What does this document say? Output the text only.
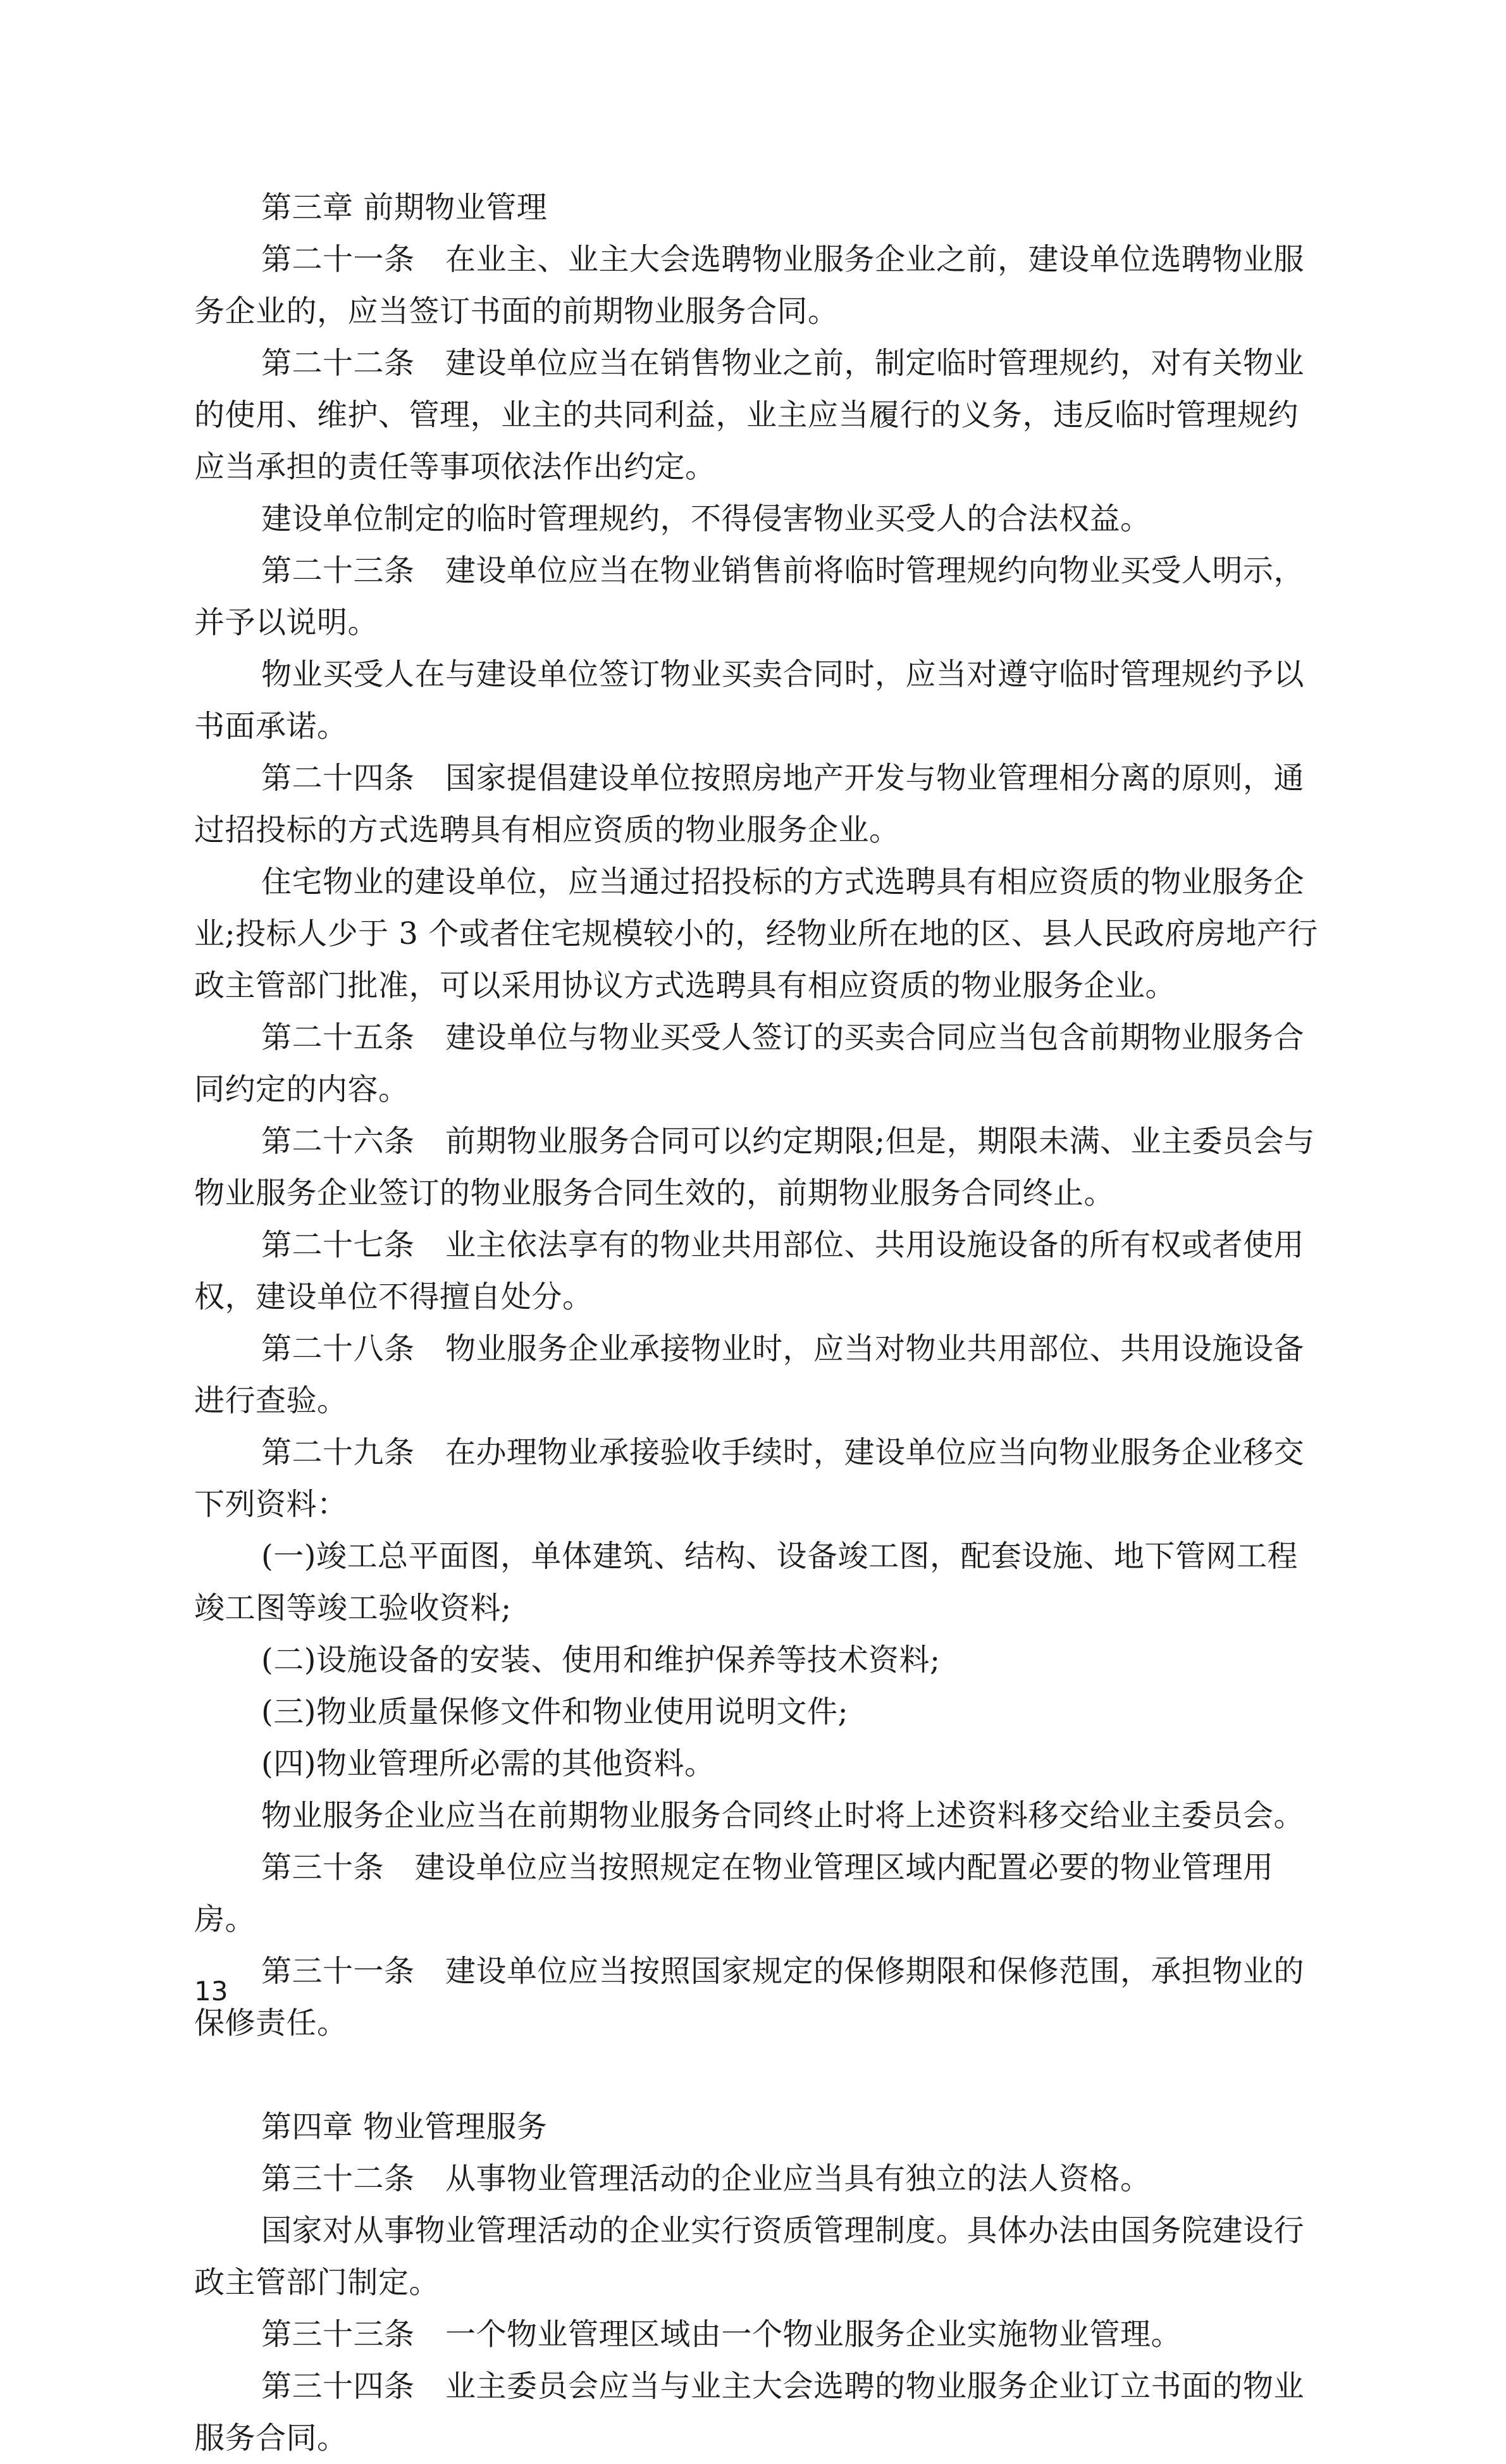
第三章 前期物业管理
第二十一条　在业主、业主大会选聘物业服务企业之前，建设单位选聘物业服
务企业的，应当签订书面的前期物业服务合同。
第二十二条　建设单位应当在销售物业之前，制定临时管理规约，对有关物业
的使用、维护、管理，业主的共同利益，业主应当履行的义务，违反临时管理规约
应当承担的责任等事项依法作出约定。
建设单位制定的临时管理规约，不得侵害物业买受人的合法权益。
第二十三条　建设单位应当在物业销售前将临时管理规约向物业买受人明示，
并予以说明。
物业买受人在与建设单位签订物业买卖合同时，应当对遵守临时管理规约予以
书面承诺。
第二十四条　国家提倡建设单位按照房地产开发与物业管理相分离的原则，通
过招投标的方式选聘具有相应资质的物业服务企业。
住宅物业的建设单位，应当通过招投标的方式选聘具有相应资质的物业服务企
业;投标人少于 3 个或者住宅规模较小的，经物业所在地的区、县人民政府房地产行
政主管部门批准，可以采用协议方式选聘具有相应资质的物业服务企业。
第二十五条　建设单位与物业买受人签订的买卖合同应当包含前期物业服务合
同约定的内容。
第二十六条　前期物业服务合同可以约定期限;但是，期限未满、业主委员会与
物业服务企业签订的物业服务合同生效的，前期物业服务合同终止。
第二十七条　业主依法享有的物业共用部位、共用设施设备的所有权或者使用
权，建设单位不得擅自处分。
第二十八条　物业服务企业承接物业时，应当对物业共用部位、共用设施设备
进行查验。
第二十九条　在办理物业承接验收手续时，建设单位应当向物业服务企业移交
下列资料：
(一)竣工总平面图，单体建筑、结构、设备竣工图，配套设施、地下管网工程
竣工图等竣工验收资料;
(二)设施设备的安装、使用和维护保养等技术资料;
(三)物业质量保修文件和物业使用说明文件;
(四)物业管理所必需的其他资料。
物业服务企业应当在前期物业服务合同终止时将上述资料移交给业主委员会。
第三十条　建设单位应当按照规定在物业管理区域内配置必要的物业管理用
房。
第三十一条　建设单位应当按照国家规定的保修期限和保修范围，承担物业的
保修责任。
第四章 物业管理服务
第三十二条　从事物业管理活动的企业应当具有独立的法人资格。
国家对从事物业管理活动的企业实行资质管理制度。具体办法由国务院建设行
政主管部门制定。
第三十三条　一个物业管理区域由一个物业服务企业实施物业管理。
第三十四条　业主委员会应当与业主大会选聘的物业服务企业订立书面的物业
服务合同。
13
